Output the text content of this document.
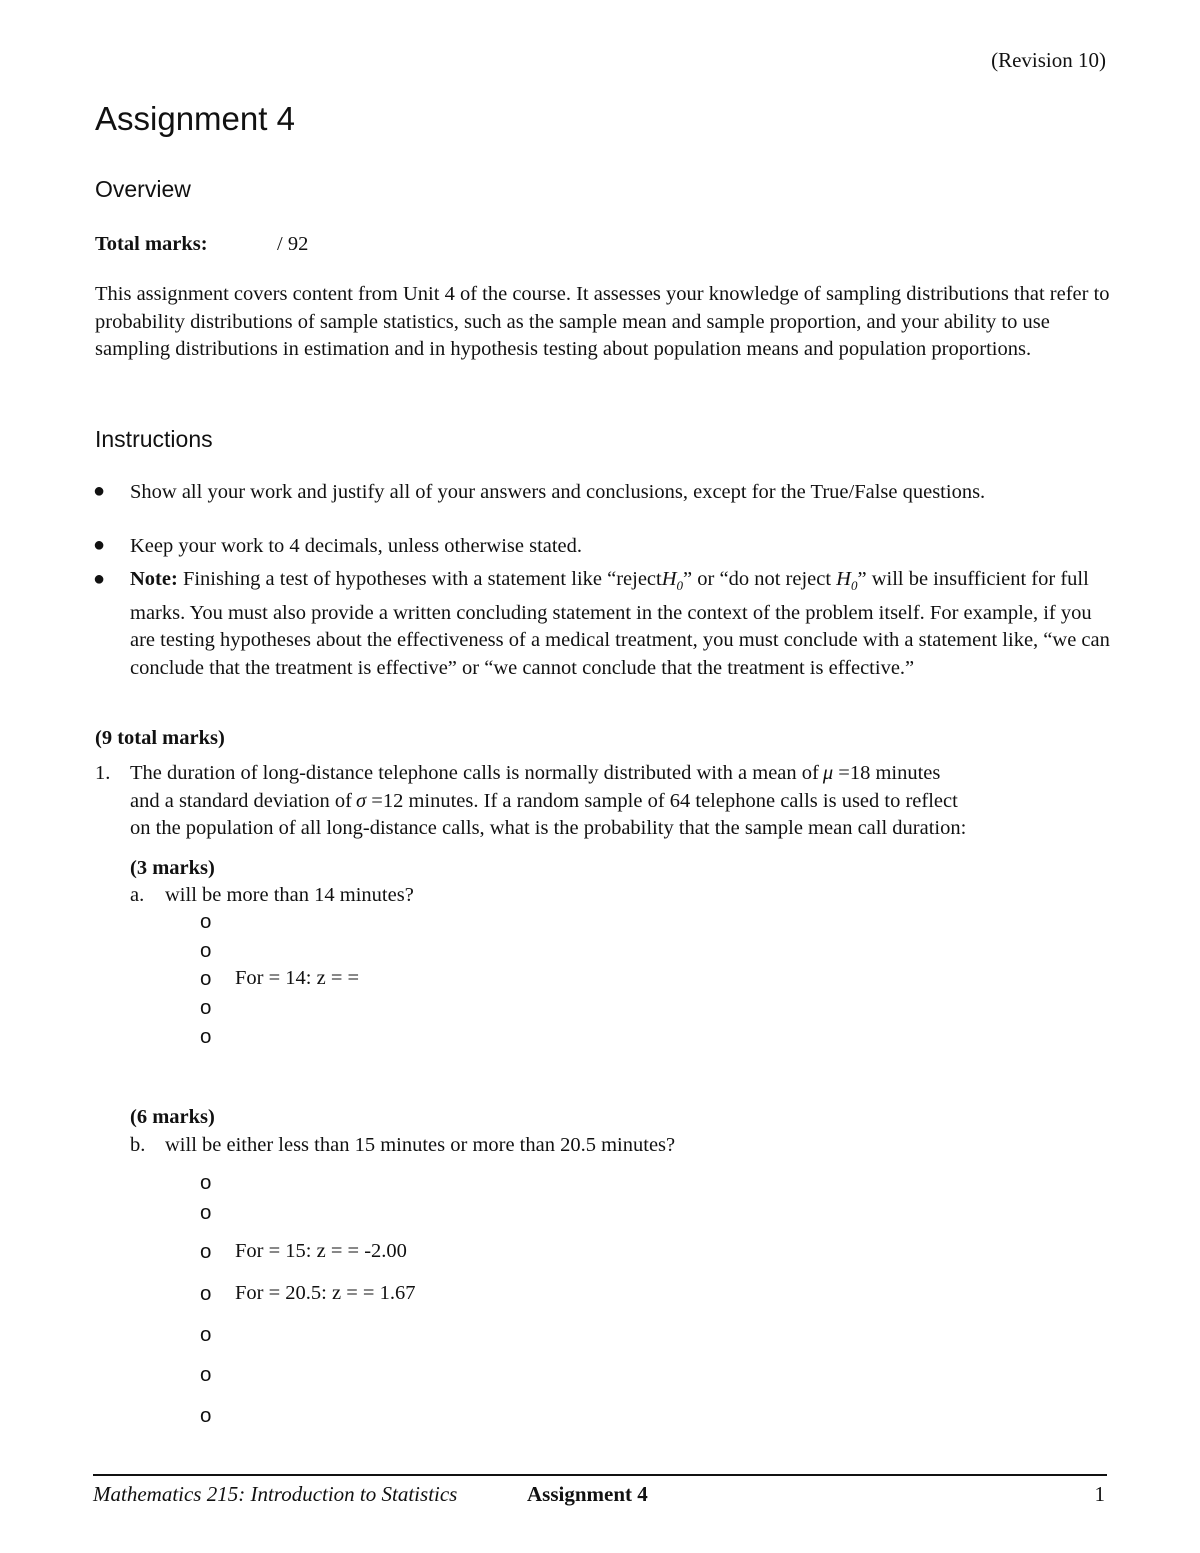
(Revision 10)
Assignment 4
Overview
Total marks:	/ 92
This assignment covers content from Unit 4 of the course. It assesses your knowledge of sampling distributions that refer to probability distributions of sample statistics, such as the sample mean and sample proportion, and your ability to use sampling distributions in estimation and in hypothesis testing about population means and population proportions.
Instructions
● Show all your work and justify all of your answers and conclusions, except for the True/False questions.
● Keep your work to 4 decimals, unless otherwise stated.
● Note: Finishing a test of hypotheses with a statement like “rejectH$_0$” or “do not reject $H_0$” will be insufficient for full marks. You must also provide a written concluding statement in the context of the problem itself. For example, if you are testing hypotheses about the effectiveness of a medical treatment, you must conclude with a statement like, “we can conclude that the treatment is effective” or “we cannot conclude that the treatment is effective.”
(9 total marks)
1. The duration of long-distance telephone calls is normally distributed with a mean of μ =18 minutes
and a standard deviation of σ =12 minutes. If a random sample of 64 telephone calls is used to reflect
on the population of all long-distance calls, what is the probability that the sample mean call duration:
(3 marks)
a. will be more than 14 minutes?
o
o
o For = 14: z = =
o
o
(6 marks)
b. will be either less than 15 minutes or more than 20.5 minutes?
o
o
o For = 15: z = = -2.00
o For = 20.5: z = = 1.67
o
o
o
Mathematics 215: Introduction to Statistics	Assignment 4	1
